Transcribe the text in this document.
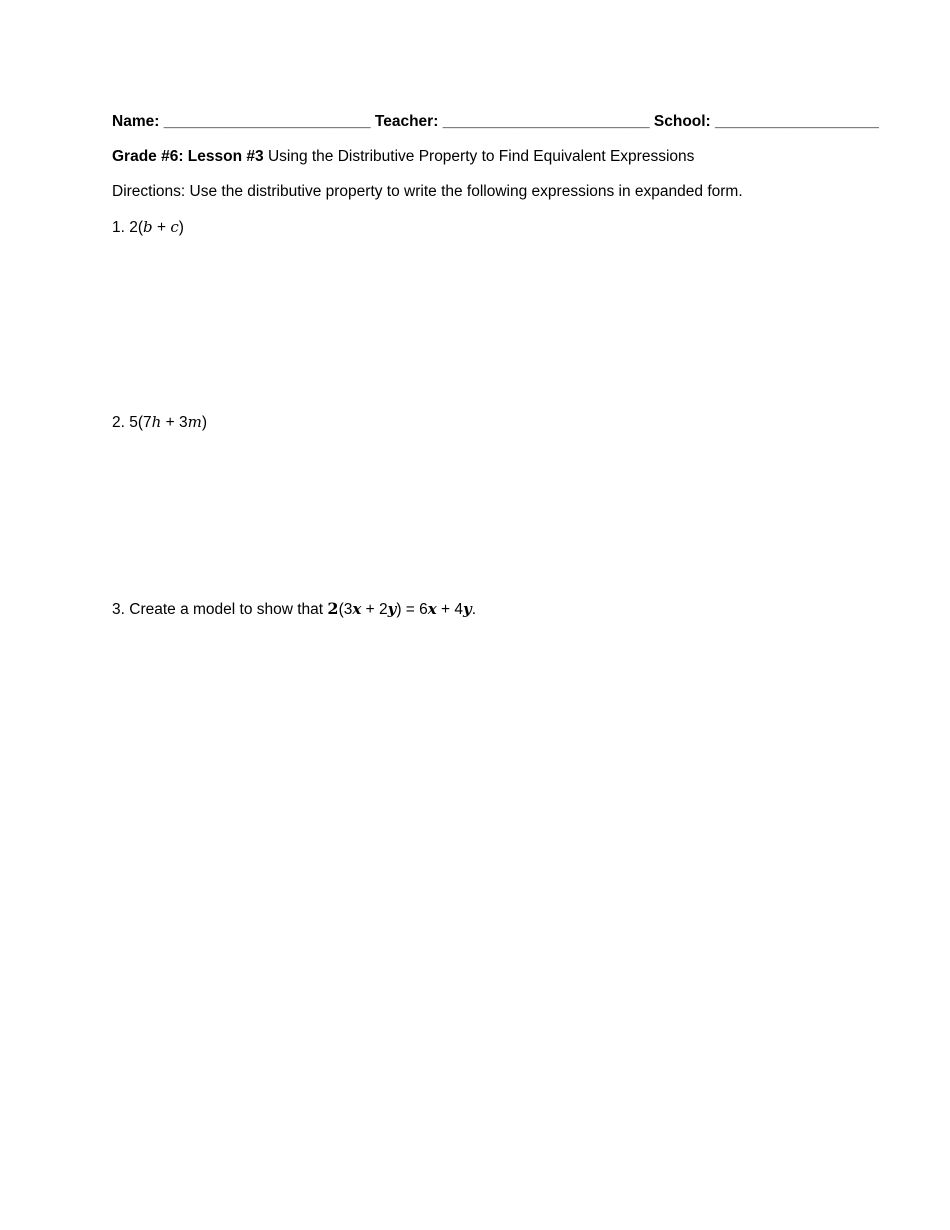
Name: ________________________ Teacher: ________________________ School: ___________________
Grade #6: Lesson #3 Using the Distributive Property to Find Equivalent Expressions
Directions: Use the distributive property to write the following expressions in expanded form.
1. 2(b + c)
2. 5(7h + 3m)
3. Create a model to show that 2(3x + 2y) = 6x + 4y.
